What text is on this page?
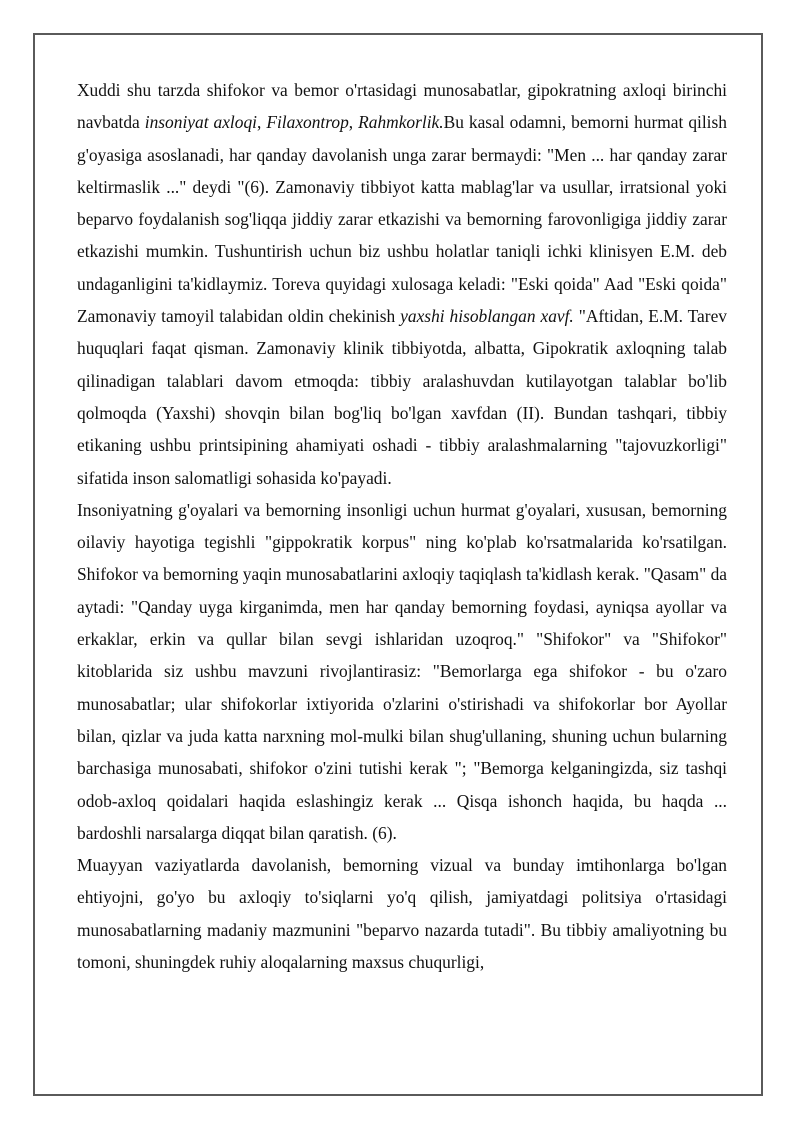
Xuddi shu tarzda shifokor va bemor o'rtasidagi munosabatlar, gipokratning axloqi birinchi navbatda insoniyat axloqi, Filaxontrop, Rahmkorlik.Bu kasal odamni, bemorni hurmat qilish g'oyasiga asoslanadi, har qanday davolanish unga zarar bermaydi: "Men ... har qanday zarar keltirmaslik ..." deydi "(6). Zamonaviy tibbiyot katta mablag'lar va usullar, irratsional yoki beparvo foydalanish sog'liqqa jiddiy zarar etkazishi va bemorning farovonligiga jiddiy zarar etkazishi mumkin. Tushuntirish uchun biz ushbu holatlar taniqli ichki klinisyen E.M. deb undaganligini ta'kidlaymiz. Toreva quyidagi xulosaga keladi: "Eski qoida" Aad "Eski qoida" Zamonaviy tamoyil talabidan oldin chekinish yaxshi hisoblangan xavf. "Aftidan, E.M. Tarev huquqlari faqat qisman. Zamonaviy klinik tibbiyotda, albatta, Gipokratik axloqning talab qilinadigan talablari davom etmoqda: tibbiy aralashuvdan kutilayotgan talablar bo'lib qolmoqda (Yaxshi) shovqin bilan bog'liq bo'lgan xavfdan (II). Bundan tashqari, tibbiy etikaning ushbu printsipining ahamiyati oshadi - tibbiy aralashmalarning "tajovuzkorligi" sifatida inson salomatligi sohasida ko'payadi.

Insoniyatning g'oyalari va bemorning insonligi uchun hurmat g'oyalari, xususan, bemorning oilaviy hayotiga tegishli "gippokratik korpus" ning ko'plab ko'rsatmalarida ko'rsatilgan. Shifokor va bemorning yaqin munosabatlarini axloqiy taqiqlash ta'kidlash kerak. "Qasam" da aytadi: "Qanday uyga kirganimda, men har qanday bemorning foydasi, ayniqsa ayollar va erkaklar, erkin va qullar bilan sevgi ishlaridan uzoqroq." "Shifokor" va "Shifokor" kitoblarida siz ushbu mavzuni rivojlantirasiz: "Bemorlarga ega shifokor - bu o'zaro munosabatlar; ular shifokorlar ixtiyorida o'zlarini o'stirishadi va shifokorlar bor Ayollar bilan, qizlar va juda katta narxning mol-mulki bilan shug'ullaning, shuning uchun bularning barchasiga munosabati, shifokor o'zini tutishi kerak "; "Bemorga kelganingizda, siz tashqi odob-axloq qoidalari haqida eslashingiz kerak ... Qisqa ishonch haqida, bu haqda ... bardoshli narsalarga diqqat bilan qaratish. (6).

Muayyan vaziyatlarda davolanish, bemorning vizual va bunday imtihonlarga bo'lgan ehtiyojni, go'yo bu axloqiy to'siqlarni yo'q qilish, jamiyatdagi politsiya o'rtasidagi munosabatlarning madaniy mazmunini "beparvo nazarda tutadi". Bu tibbiy amaliyotning bu tomoni, shuningdek ruhiy aloqalarning maxsus chuqurligi,
